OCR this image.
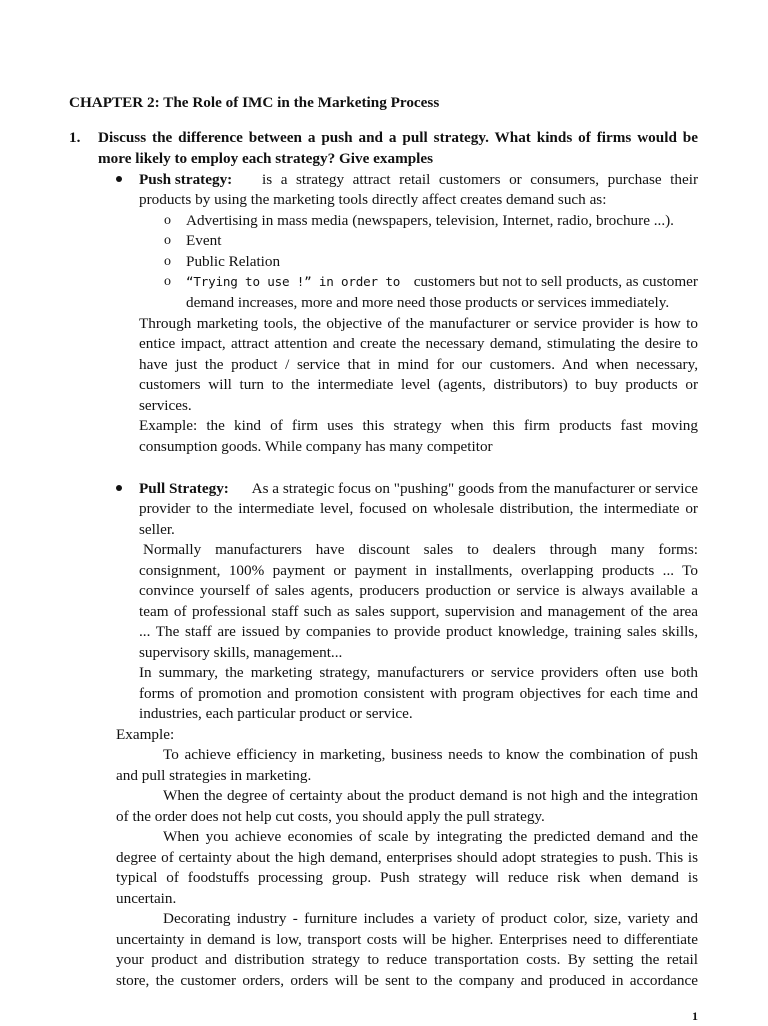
CHAPTER 2: The Role of IMC in the Marketing Process
1. Discuss the difference between a push and a pull strategy. What kinds of firms would be
more likely to employ each strategy? Give examples
Push strategy: is a strategy attract retail customers or consumers, purchase their
products by using the marketing tools directly affect creates demand such as:
o Advertising in mass media (newspapers, television, Internet, radio, brochure ...).
o Event
o Public Relation
o “Trying to use !” in order to customers but not to sell products, as customer
demand increases, more and more need those products or services immediately.
Through marketing tools, the objective of the manufacturer or service provider is how to
entice impact, attract attention and create the necessary demand, stimulating the desire to
have just the product / service that in mind for our customers. And when necessary,
customers will turn to the intermediate level (agents, distributors) to buy products or
services.
Example: the kind of firm uses this strategy when this firm products fast moving
consumption goods. While company has many competitor
Pull Strategy: As a strategic focus on "pushing" goods from the manufacturer or service
provider to the intermediate level, focused on wholesale distribution, the intermediate or
seller.
Normally manufacturers have discount sales to dealers through many forms:
consignment, 100% payment or payment in installments, overlapping products ... To
convince yourself of sales agents, producers production or service is always available a
team of professional staff such as sales support, supervision and management of the area
... The staff are issued by companies to provide product knowledge, training sales skills,
supervisory skills, management...
In summary, the marketing strategy, manufacturers or service providers often use both
forms of promotion and promotion consistent with program objectives for each time and
industries, each particular product or service.
Example:
To achieve efficiency in marketing, business needs to know the combination of push
and pull strategies in marketing.
When the degree of certainty about the product demand is not high and the integration
of the order does not help cut costs, you should apply the pull strategy.
When you achieve economies of scale by integrating the predicted demand and the
degree of certainty about the high demand, enterprises should adopt strategies to push. This is
typical of foodstuffs processing group. Push strategy will reduce risk when demand is
uncertain.
Decorating industry - furniture includes a variety of product color, size, variety and
uncertainty in demand is low, transport costs will be higher. Enterprises need to differentiate
your product and distribution strategy to reduce transportation costs. By setting the retail
store, the customer orders, orders will be sent to the company and produced in accordance
1
